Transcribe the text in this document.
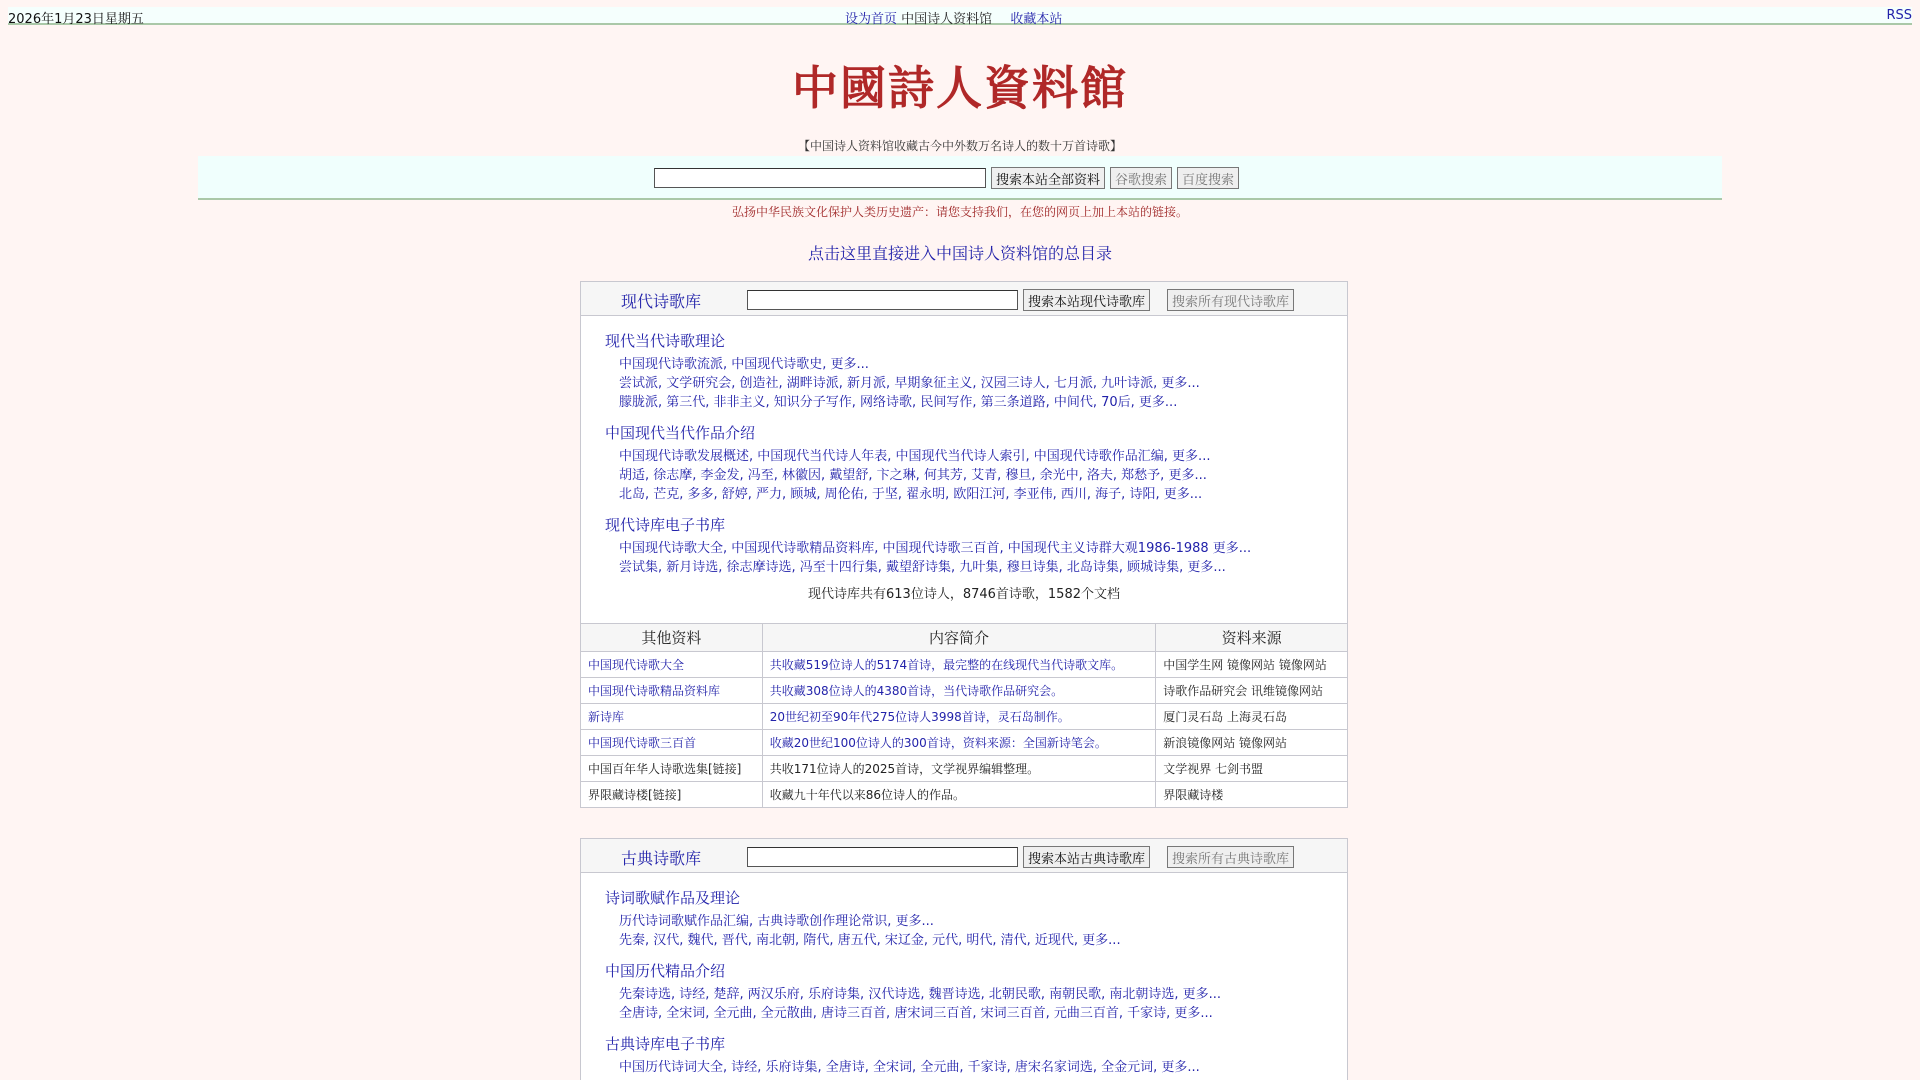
2026年1月23日星期五	设为首页 中国诗人资料馆 收藏本站	RSS
中國詩人資料館
【中国诗人资料馆收藏古今中外数万名诗人的数十万首诗歌】
搜索本站全部资料	谷歌搜索	百度搜索
弘扬中华民族文化保护人类历史遗产：请您支持我们，在您的网页上加上本站的链接。
点击这里直接进入中国诗人资料馆的总目录
现代诗歌库	搜索本站现代诗歌库	搜索所有现代诗歌库
现代当代诗歌理论
中国现代诗歌流派, 中国现代诗歌史, 更多...
尝试派, 文学研究会, 创造社, 湖畔诗派, 新月派, 早期象征主义, 汉园三诗人, 七月派, 九叶诗派, 更多...
朦胧派, 第三代, 非非主义, 知识分子写作, 网络诗歌, 民间写作, 第三条道路, 中间代, 70后, 更多...
中国现代当代作品介绍
中国现代诗歌发展概述, 中国现代当代诗人年表, 中国现代当代诗人索引, 中国现代诗歌作品汇编, 更多...
胡适, 徐志摩, 李金发, 冯至, 林徽因, 戴望舒, 卞之琳, 何其芳, 艾青, 穆旦, 余光中, 洛夫, 郑愁予, 更多...
北岛, 芒克, 多多, 舒婷, 严力, 顾城, 周伦佑, 于坚, 翟永明, 欧阳江河, 李亚伟, 西川, 海子, 诗阳, 更多...
现代诗库电子书库
中国现代诗歌大全, 中国现代诗歌精品资料库, 中国现代诗歌三百首, 中国现代主义诗群大观1986-1988 更多...
尝试集, 新月诗选, 徐志摩诗选, 冯至十四行集, 戴望舒诗集, 九叶集, 穆旦诗集, 北岛诗集, 顾城诗集, 更多...
现代诗库共有613位诗人，8746首诗歌，1582个文档
其他资料	内容简介	资料来源
中国现代诗歌大全	共收藏519位诗人的5174首诗，最完整的在线现代当代诗歌文库。	中国学生网 镜像网站 镜像网站
中国现代诗歌精品资料库	共收藏308位诗人的4380首诗，当代诗歌作品研究会。	诗歌作品研究会 讯维镜像网站
新诗库	20世纪初至90年代275位诗人3998首诗，灵石岛制作。	厦门灵石岛 上海灵石岛
中国现代诗歌三百首	收藏20世纪100位诗人的300首诗，资料来源：全国新诗笔会。	新浪镜像网站 镜像网站
中国百年华人诗歌选集[链接]	共收171位诗人的2025首诗，文学视界编辑整理。	文学视界 七剑书盟
界限藏诗楼[链接]	收藏九十年代以来86位诗人的作品。	界限藏诗楼
古典诗歌库	搜索本站古典诗歌库	搜索所有古典诗歌库
诗词歌赋作品及理论
历代诗词歌赋作品汇编, 古典诗歌创作理论常识, 更多...
先秦, 汉代, 魏代, 晋代, 南北朝, 隋代, 唐五代, 宋辽金, 元代, 明代, 清代, 近现代, 更多...
中国历代精品介绍
先秦诗选, 诗经, 楚辞, 两汉乐府, 乐府诗集, 汉代诗选, 魏晋诗选, 北朝民歌, 南朝民歌, 南北朝诗选, 更多...
全唐诗, 全宋词, 全元曲, 全元散曲, 唐诗三百首, 唐宋词三百首, 宋词三百首, 元曲三百首, 千家诗, 更多...
古典诗库电子书库
中国历代诗词大全, 诗经, 乐府诗集, 全唐诗, 全宋词, 全元曲, 千家诗, 唐宋名家词选, 全金元词, 更多...
